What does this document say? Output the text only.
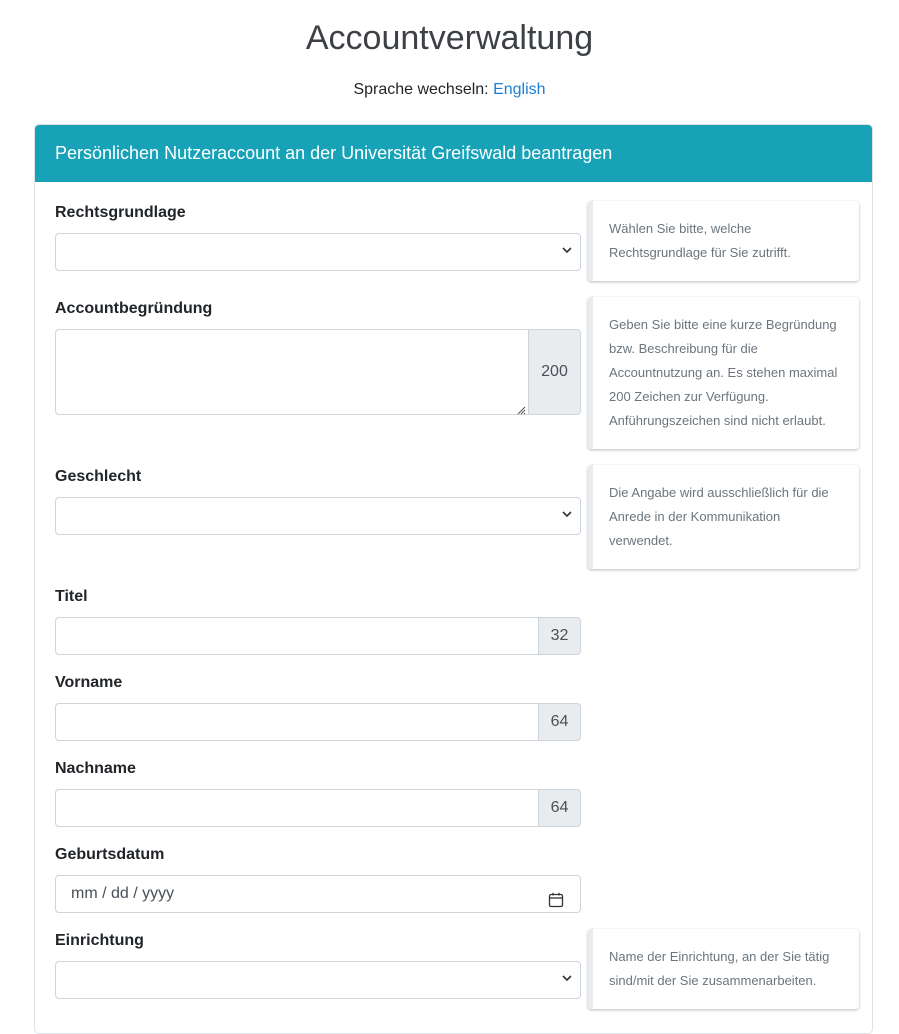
Accountverwaltung
Sprache wechseln: English
Persönlichen Nutzeraccount an der Universität Greifswald beantragen
Rechtsgrundlage
Wählen Sie bitte, welche Rechtsgrundlage für Sie zutrifft.
Accountbegründung
200
Geben Sie bitte eine kurze Begründung bzw. Beschreibung für die Accountnutzung an. Es stehen maximal 200 Zeichen zur Verfügung. Anführungszeichen sind nicht erlaubt.
Geschlecht
Die Angabe wird ausschließlich für die Anrede in der Kommunikation verwendet.
Titel
32
Vorname
64
Nachname
64
Geburtsdatum
mm / dd / yyyy
Einrichtung
Name der Einrichtung, an der Sie tätig sind/mit der Sie zusammenarbeiten.
